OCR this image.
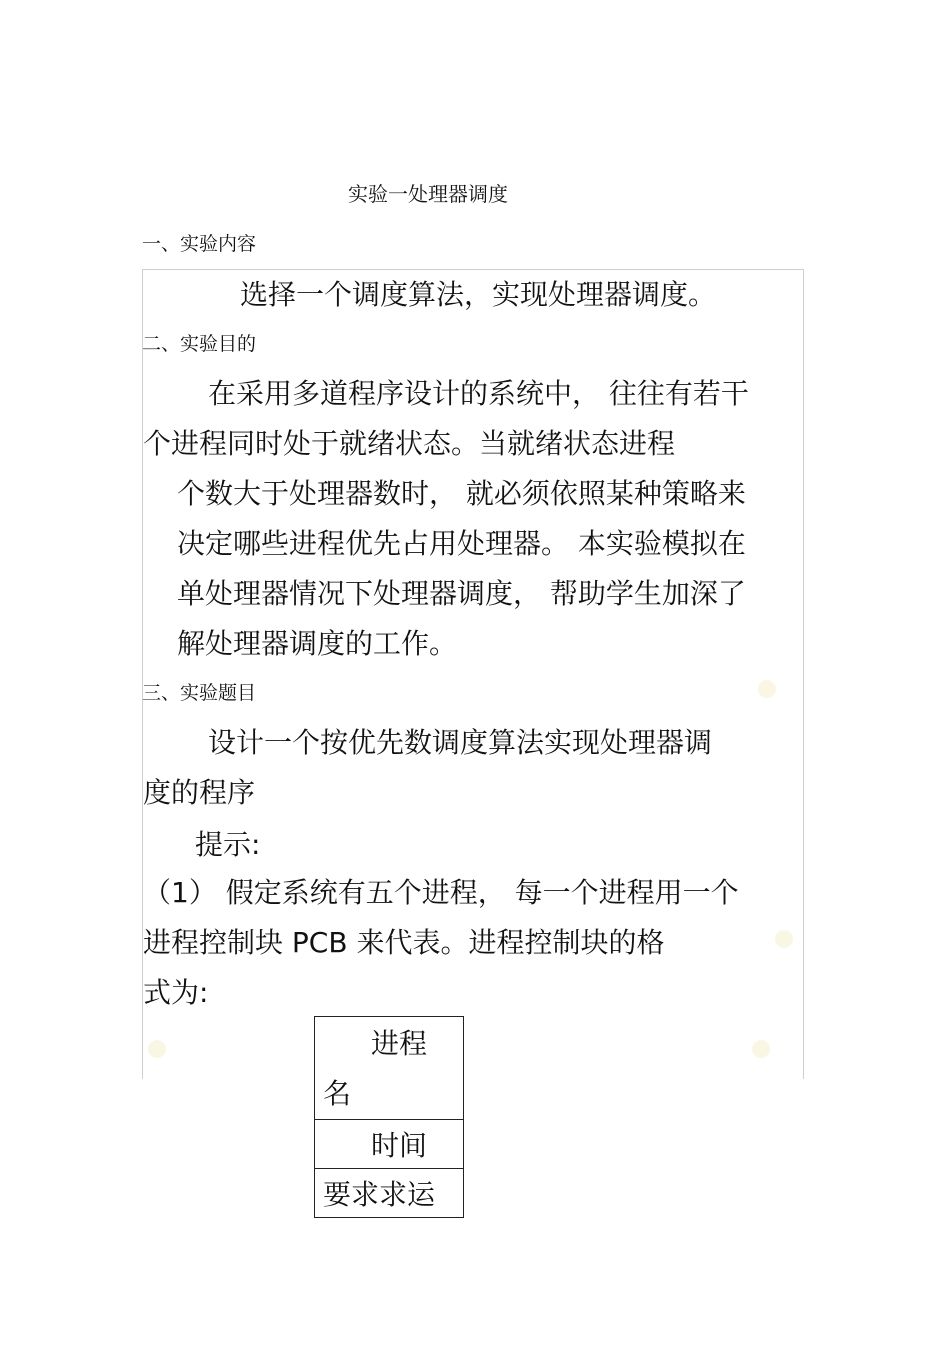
实验一处理器调度
一、实验内容
选择一个调度算法，实现处理器调度。
二、实验目的
在采用多道程序设计的系统中， 往往有若干
个进程同时处于就绪状态。当就绪状态进程
个数大于处理器数时， 就必须依照某种策略来
决定哪些进程优先占用处理器。 本实验模拟在
单处理器情况下处理器调度， 帮助学生加深了
解处理器调度的工作。
三、实验题目
设计一个按优先数调度算法实现处理器调
度的程序
提示:
（1） 假定系统有五个进程， 每一个进程用一个
进程控制块 PCB 来代表。进程控制块的格
式为:
进程
名

时间

要求求运
